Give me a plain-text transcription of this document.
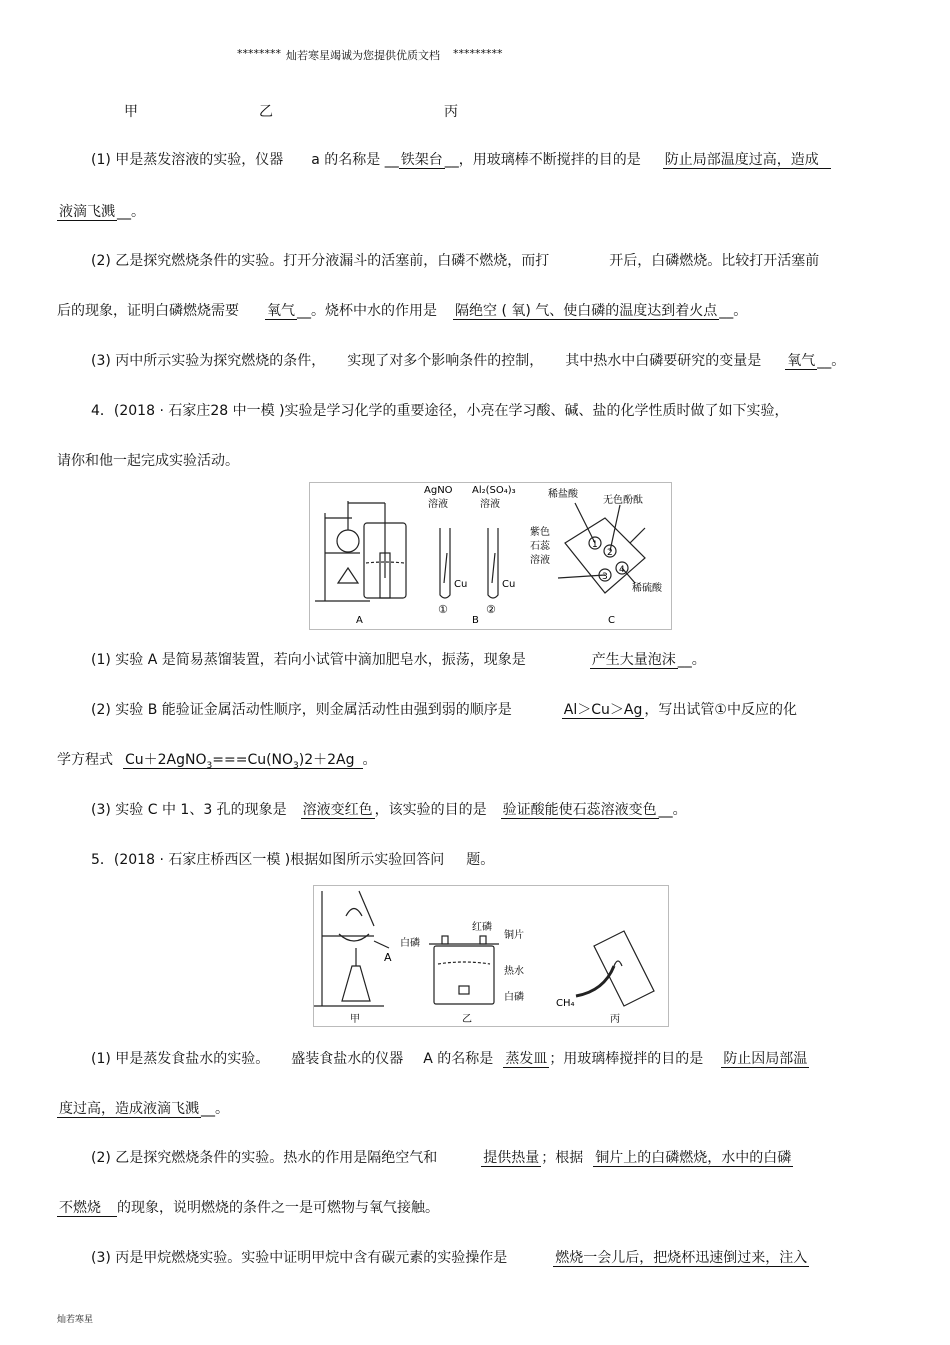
******** 灿若寒星竭诚为您提供优质文档 *********
甲	乙	丙
(1) 甲是蒸发溶液的实验，仪器 a 的名称是 __ 铁架台 __，用玻璃棒不断搅拌的目的是 防止局部温度过高，造成
液滴飞溅 __。
(2) 乙是探究燃烧条件的实验。打开分液漏斗的活塞前，白磷不燃烧，而打	开后，白磷燃烧。比较打开活塞前
后的现象，证明白磷燃烧需要 氧气 __。烧杯中水的作用是 隔绝空 ( 氧) 气、使白磷的温度达到着火点 __。
(3) 丙中所示实验为探究燃烧的条件， 实现了对多个影响条件的控制， 其中热水中白磷要研究的变量是 氧气 __。
4．(2018 · 石家庄28 中一模 )实验是学习化学的重要途径，小亮在学习酸、碱、盐的化学性质时做了如下实验，
请你和他一起完成实验活动。
A
AgNO
溶液
Al₂(SO₄)₃
溶液
Cu	Cu
①	②
B
稀盐酸
无色酚酞
紫色
石蕊
溶液
稀硫酸
1
2
3
4
C
(1) 实验 A 是简易蒸馏装置，若向小试管中滴加肥皂水，振荡，现象是	产生大量泡沫 __。
(2) 实验 B 能验证金属活动性顺序，则金属活动性由强到弱的顺序是	Al＞Cu＞Ag ，写出试管①中反应的化
学方程式 $Cu+2AgNO_3===Cu(NO_3)2+2Ag$ 。
(3) 实验 C 中 1、3 孔的现象是 溶液变红色 ，该实验的目的是 验证酸能使石蕊溶液变色 __。
5．(2018 · 石家庄桥西区一模 )根据如图所示实验回答问 题。
A
甲
白磷
红磷
铜片
热水
白磷
乙
CH₄
丙
(1) 甲是蒸发食盐水的实验。 盛装食盐水的仪器 A 的名称是 蒸发皿 ；用玻璃棒搅拌的目的是 防止因局部温
度过高，造成液滴飞溅 __。
(2) 乙是探究燃烧条件的实验。热水的作用是隔绝空气和	提供热量 ；根据 铜片上的白磷燃烧，水中的白磷
不燃烧 的现象，说明燃烧的条件之一是可燃物与氧气接触。
(3) 丙是甲烷燃烧实验。实验中证明甲烷中含有碳元素的实验操作是	燃烧一会儿后，把烧杯迅速倒过来，注入
灿若寒星
